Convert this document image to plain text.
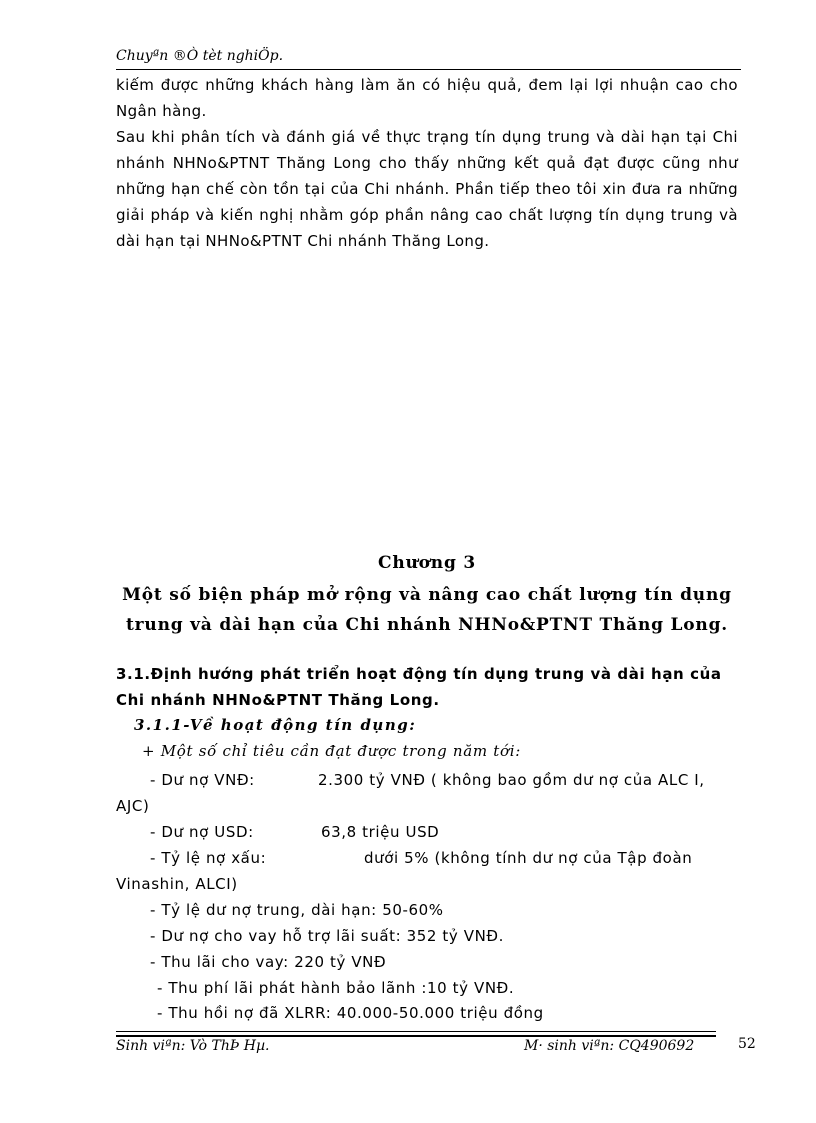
Chuyªn ®Ò tèt nghiÖp.

kiếm được những khách hàng làm ăn có hiệu quả, đem lại lợi nhuận cao cho Ngân hàng.

Sau khi phân tích và đánh giá về thực trạng tín dụng trung và dài hạn tại Chi nhánh NHNo&PTNT Thăng Long cho thấy những kết quả đạt được cũng như những hạn chế còn tồn tại của Chi nhánh. Phần tiếp theo tôi xin đưa ra những giải pháp và kiến nghị nhằm góp phần nâng cao chất lượng tín dụng trung và dài hạn tại NHNo&PTNT Chi nhánh Thăng Long.

Chương 3
Một số biện pháp mở rộng và nâng cao chất lượng tín dụng
trung và dài hạn của Chi nhánh NHNo&PTNT Thăng Long.
3.1.Định hướng phát triển hoạt động tín dụng trung và dài hạn của
Chi nhánh NHNo&PTNT Thăng Long.
3.1.1-Về hoạt động tín dụng:
+ Một số chỉ tiêu cần đạt được trong năm tới:
- Dư nợ VNĐ:	2.300 tỷ VNĐ ( không bao gồm dư nợ của ALC I,
AJC)
- Dư nợ USD:	63,8 triệu USD
- Tỷ lệ nợ xấu:	dưới 5% (không tính dư nợ của Tập đoàn
Vinashin, ALCI)
- Tỷ lệ dư nợ trung, dài hạn: 50-60%
- Dư nợ cho vay hỗ trợ lãi suất: 352 tỷ VNĐ.
- Thu lãi cho vay: 220 tỷ VNĐ
- Thu phí lãi phát hành bảo lãnh :10 tỷ VNĐ.
- Thu hồi nợ đã XLRR: 40.000-50.000 triệu đồng
Sinh viªn: Vò ThÞ Hµ.	M· sinh viªn: CQ490692	52
